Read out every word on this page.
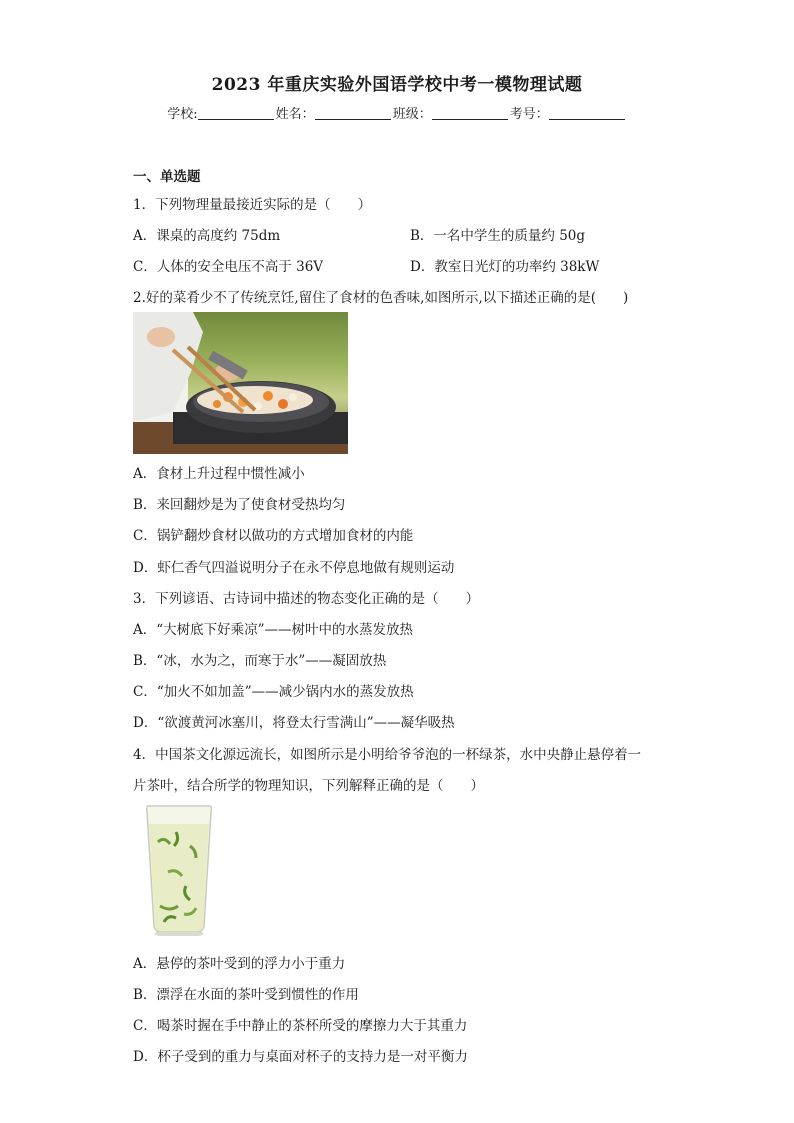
2023 年重庆实验外国语学校中考一模物理试题
学校:	姓名：	班级：	考号：
一、单选题
1．下列物理量最接近实际的是（　　）
A．课桌的高度约 75dm	B．一名中学生的质量约 50g
C．人体的安全电压不高于 36V	D．教室日光灯的功率约 38kW
2.好的菜肴少不了传统烹饪,留住了食材的色香味,如图所示,以下描述正确的是(　　)
A．食材上升过程中惯性减小
B．来回翻炒是为了使食材受热均匀
C．锅铲翻炒食材以做功的方式增加食材的内能
D．虾仁香气四溢说明分子在永不停息地做有规则运动
3．下列谚语、古诗词中描述的物态变化正确的是（　　）
A．“大树底下好乘凉”——树叶中的水蒸发放热
B．“冰，水为之，而寒于水”——凝固放热
C．“加火不如加盖”——减少锅内水的蒸发放热
D．“欲渡黄河冰塞川，将登太行雪满山”——凝华吸热
4．中国茶文化源远流长，如图所示是小明给爷爷泡的一杯绿茶，水中央静止悬停着一
片茶叶，结合所学的物理知识，下列解释正确的是（　　）
A．悬停的茶叶受到的浮力小于重力
B．漂浮在水面的茶叶受到惯性的作用
C．喝茶时握在手中静止的茶杯所受的摩擦力大于其重力
D．杯子受到的重力与桌面对杯子的支持力是一对平衡力
